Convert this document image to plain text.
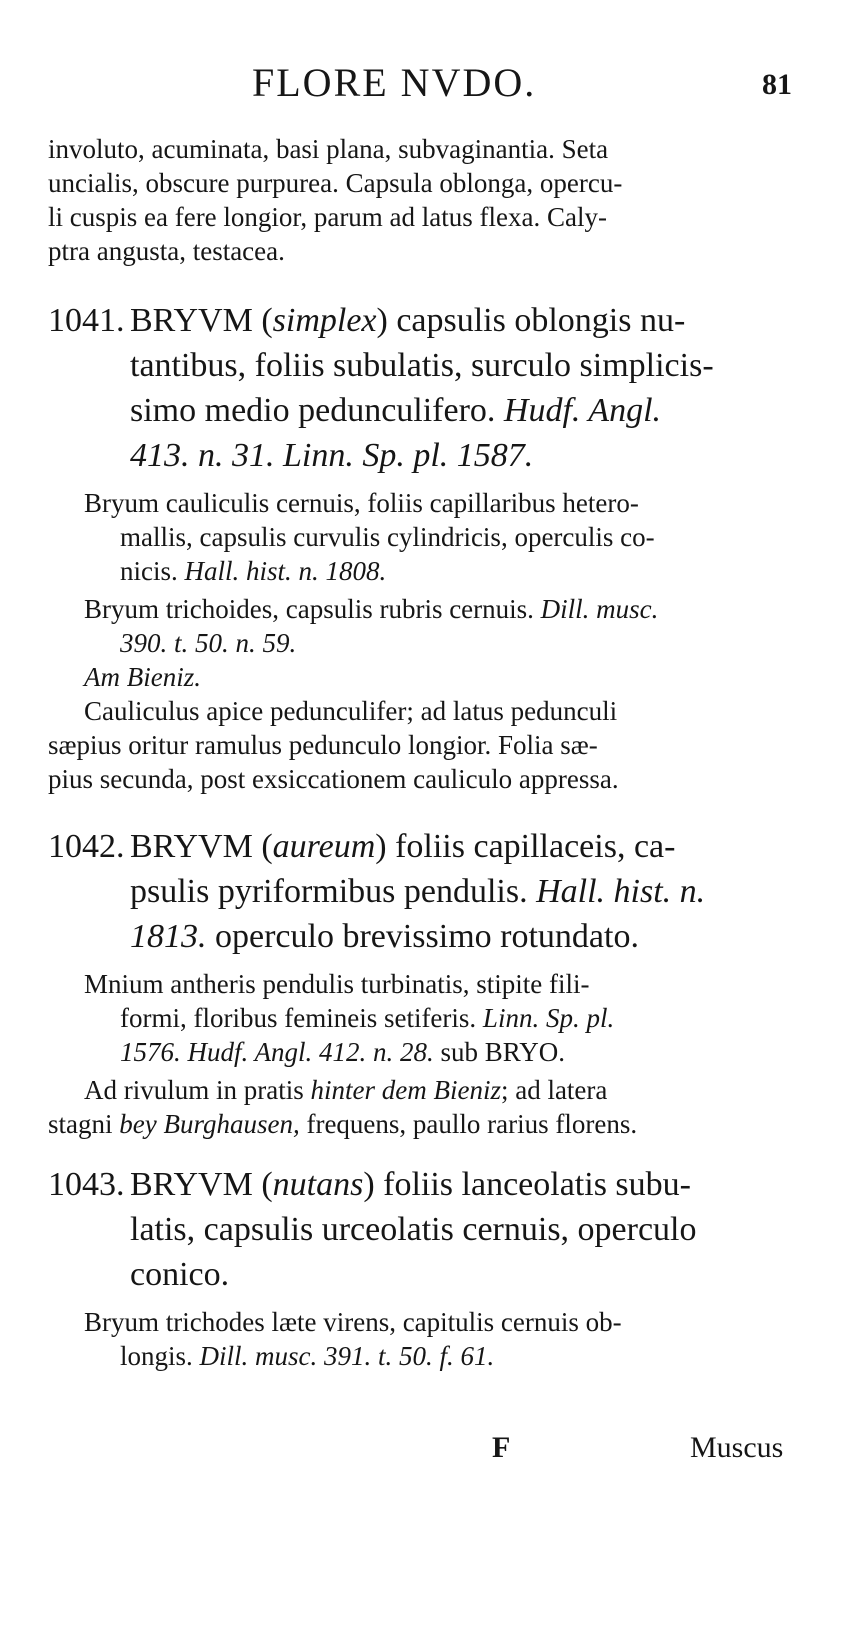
FLORE NVDO.	81
involuto, acuminata, basi plana, subvaginantia. Seta
uncialis, obscure purpurea. Capsula oblonga, opercu-
li cuspis ea fere longior, parum ad latus flexa. Caly-
ptra angusta, testacea.
1041. BRYVM (simplex) capsulis oblongis nu-
tantibus, foliis subulatis, surculo simplicis-
simo medio pedunculifero. Hudf. Angl.
413. n. 31. Linn. Sp. pl. 1587.
Bryum cauliculis cernuis, foliis capillaribus hetero-
mallis, capsulis curvulis cylindricis, operculis co-
nicis. Hall. hist. n. 1808.
Bryum trichoides, capsulis rubris cernuis. Dill. musc.
390. t. 50. n. 59.
Am Bieniz.
Cauliculus apice pedunculifer; ad latus pedunculi
sæpius oritur ramulus pedunculo longior. Folia sæ-
pius secunda, post exsiccationem cauliculo appressa.
1042. BRYVM (aureum) foliis capillaceis, ca-
psulis pyriformibus pendulis. Hall. hist. n.
1813. operculo brevissimo rotundato.
Mnium antheris pendulis turbinatis, stipite fili-
formi, floribus femineis setiferis. Linn. Sp. pl.
1576. Hudf. Angl. 412. n. 28. sub BRYO.
Ad rivulum in pratis hinter dem Bieniz; ad latera
stagni bey Burghausen, frequens, paullo rarius florens.
1043. BRYVM (nutans) foliis lanceolatis subu-
latis, capsulis urceolatis cernuis, operculo
conico.
Bryum trichodes læte virens, capitulis cernuis ob-
longis. Dill. musc. 391. t. 50. f. 61.
F	Muscus
